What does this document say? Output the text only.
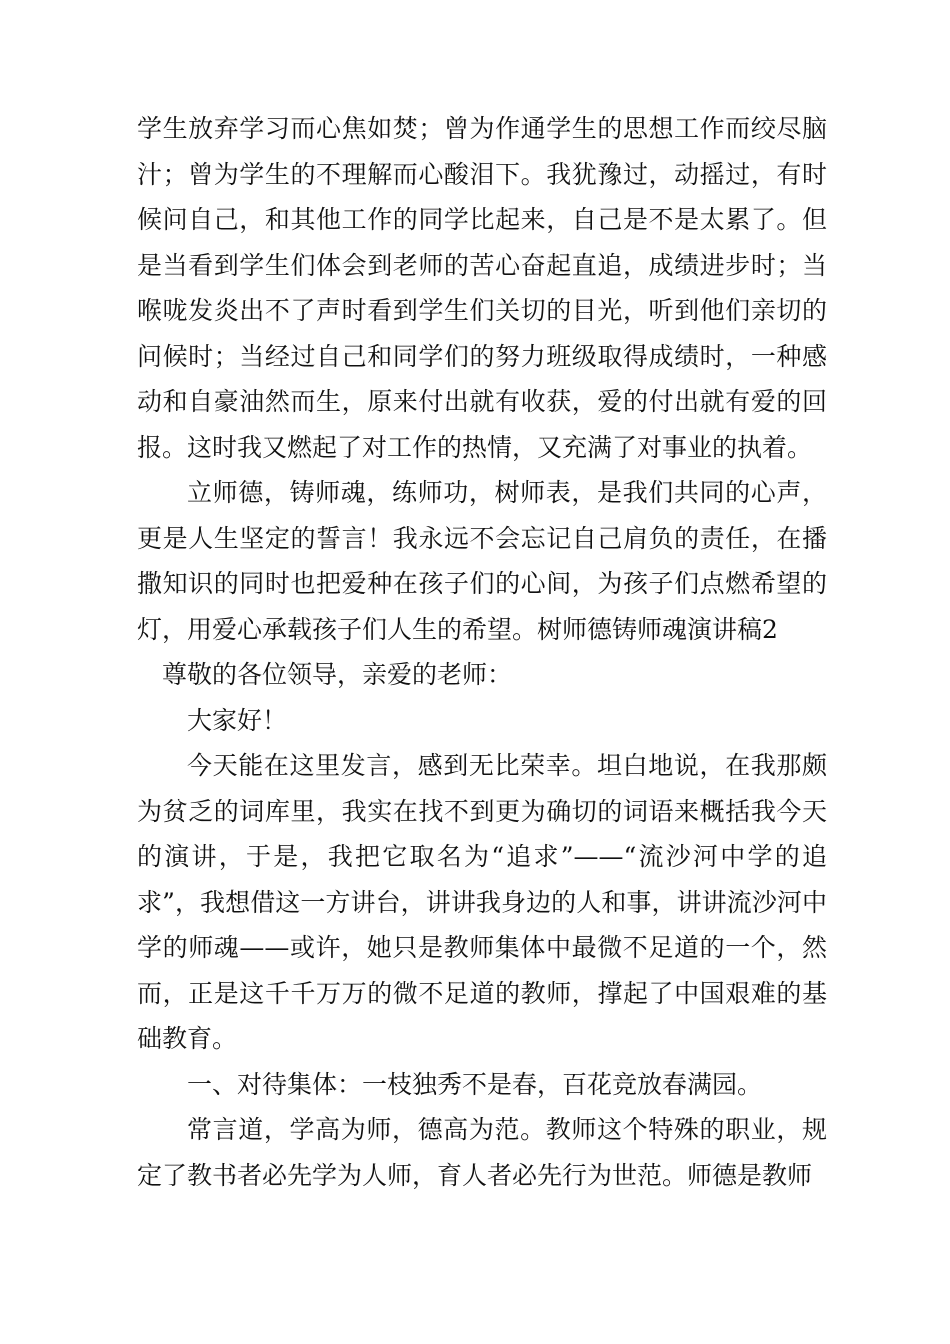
学生放弃学习而心焦如焚；曾为作通学生的思想工作而绞尽脑汁；曾为学生的不理解而心酸泪下。我犹豫过，动摇过，有时候问自己，和其他工作的同学比起来，自己是不是太累了。但是当看到学生们体会到老师的苦心奋起直追，成绩进步时；当喉咙发炎出不了声时看到学生们关切的目光，听到他们亲切的问候时；当经过自己和同学们的努力班级取得成绩时，一种感动和自豪油然而生，原来付出就有收获，爱的付出就有爱的回报。这时我又燃起了对工作的热情，又充满了对事业的执着。

立师德，铸师魂，练师功，树师表，是我们共同的心声，更是人生坚定的誓言！我永远不会忘记自己肩负的责任，在播撒知识的同时也把爱种在孩子们的心间，为孩子们点燃希望的灯，用爱心承载孩子们人生的希望。树师德铸师魂演讲稿2

尊敬的各位领导，亲爱的老师：

大家好！

今天能在这里发言，感到无比荣幸。坦白地说，在我那颇为贫乏的词库里，我实在找不到更为确切的词语来概括我今天的演讲，于是，我把它取名为“追求”——“流沙河中学的追求”，我想借这一方讲台，讲讲我身边的人和事，讲讲流沙河中学的师魂——或许，她只是教师集体中最微不足道的一个，然而，正是这千千万万的微不足道的教师，撑起了中国艰难的基础教育。

一、对待集体：一枝独秀不是春，百花竞放春满园。

常言道，学高为师，德高为范。教师这个特殊的职业，规定了教书者必先学为人师，育人者必先行为世范。师德是教师
